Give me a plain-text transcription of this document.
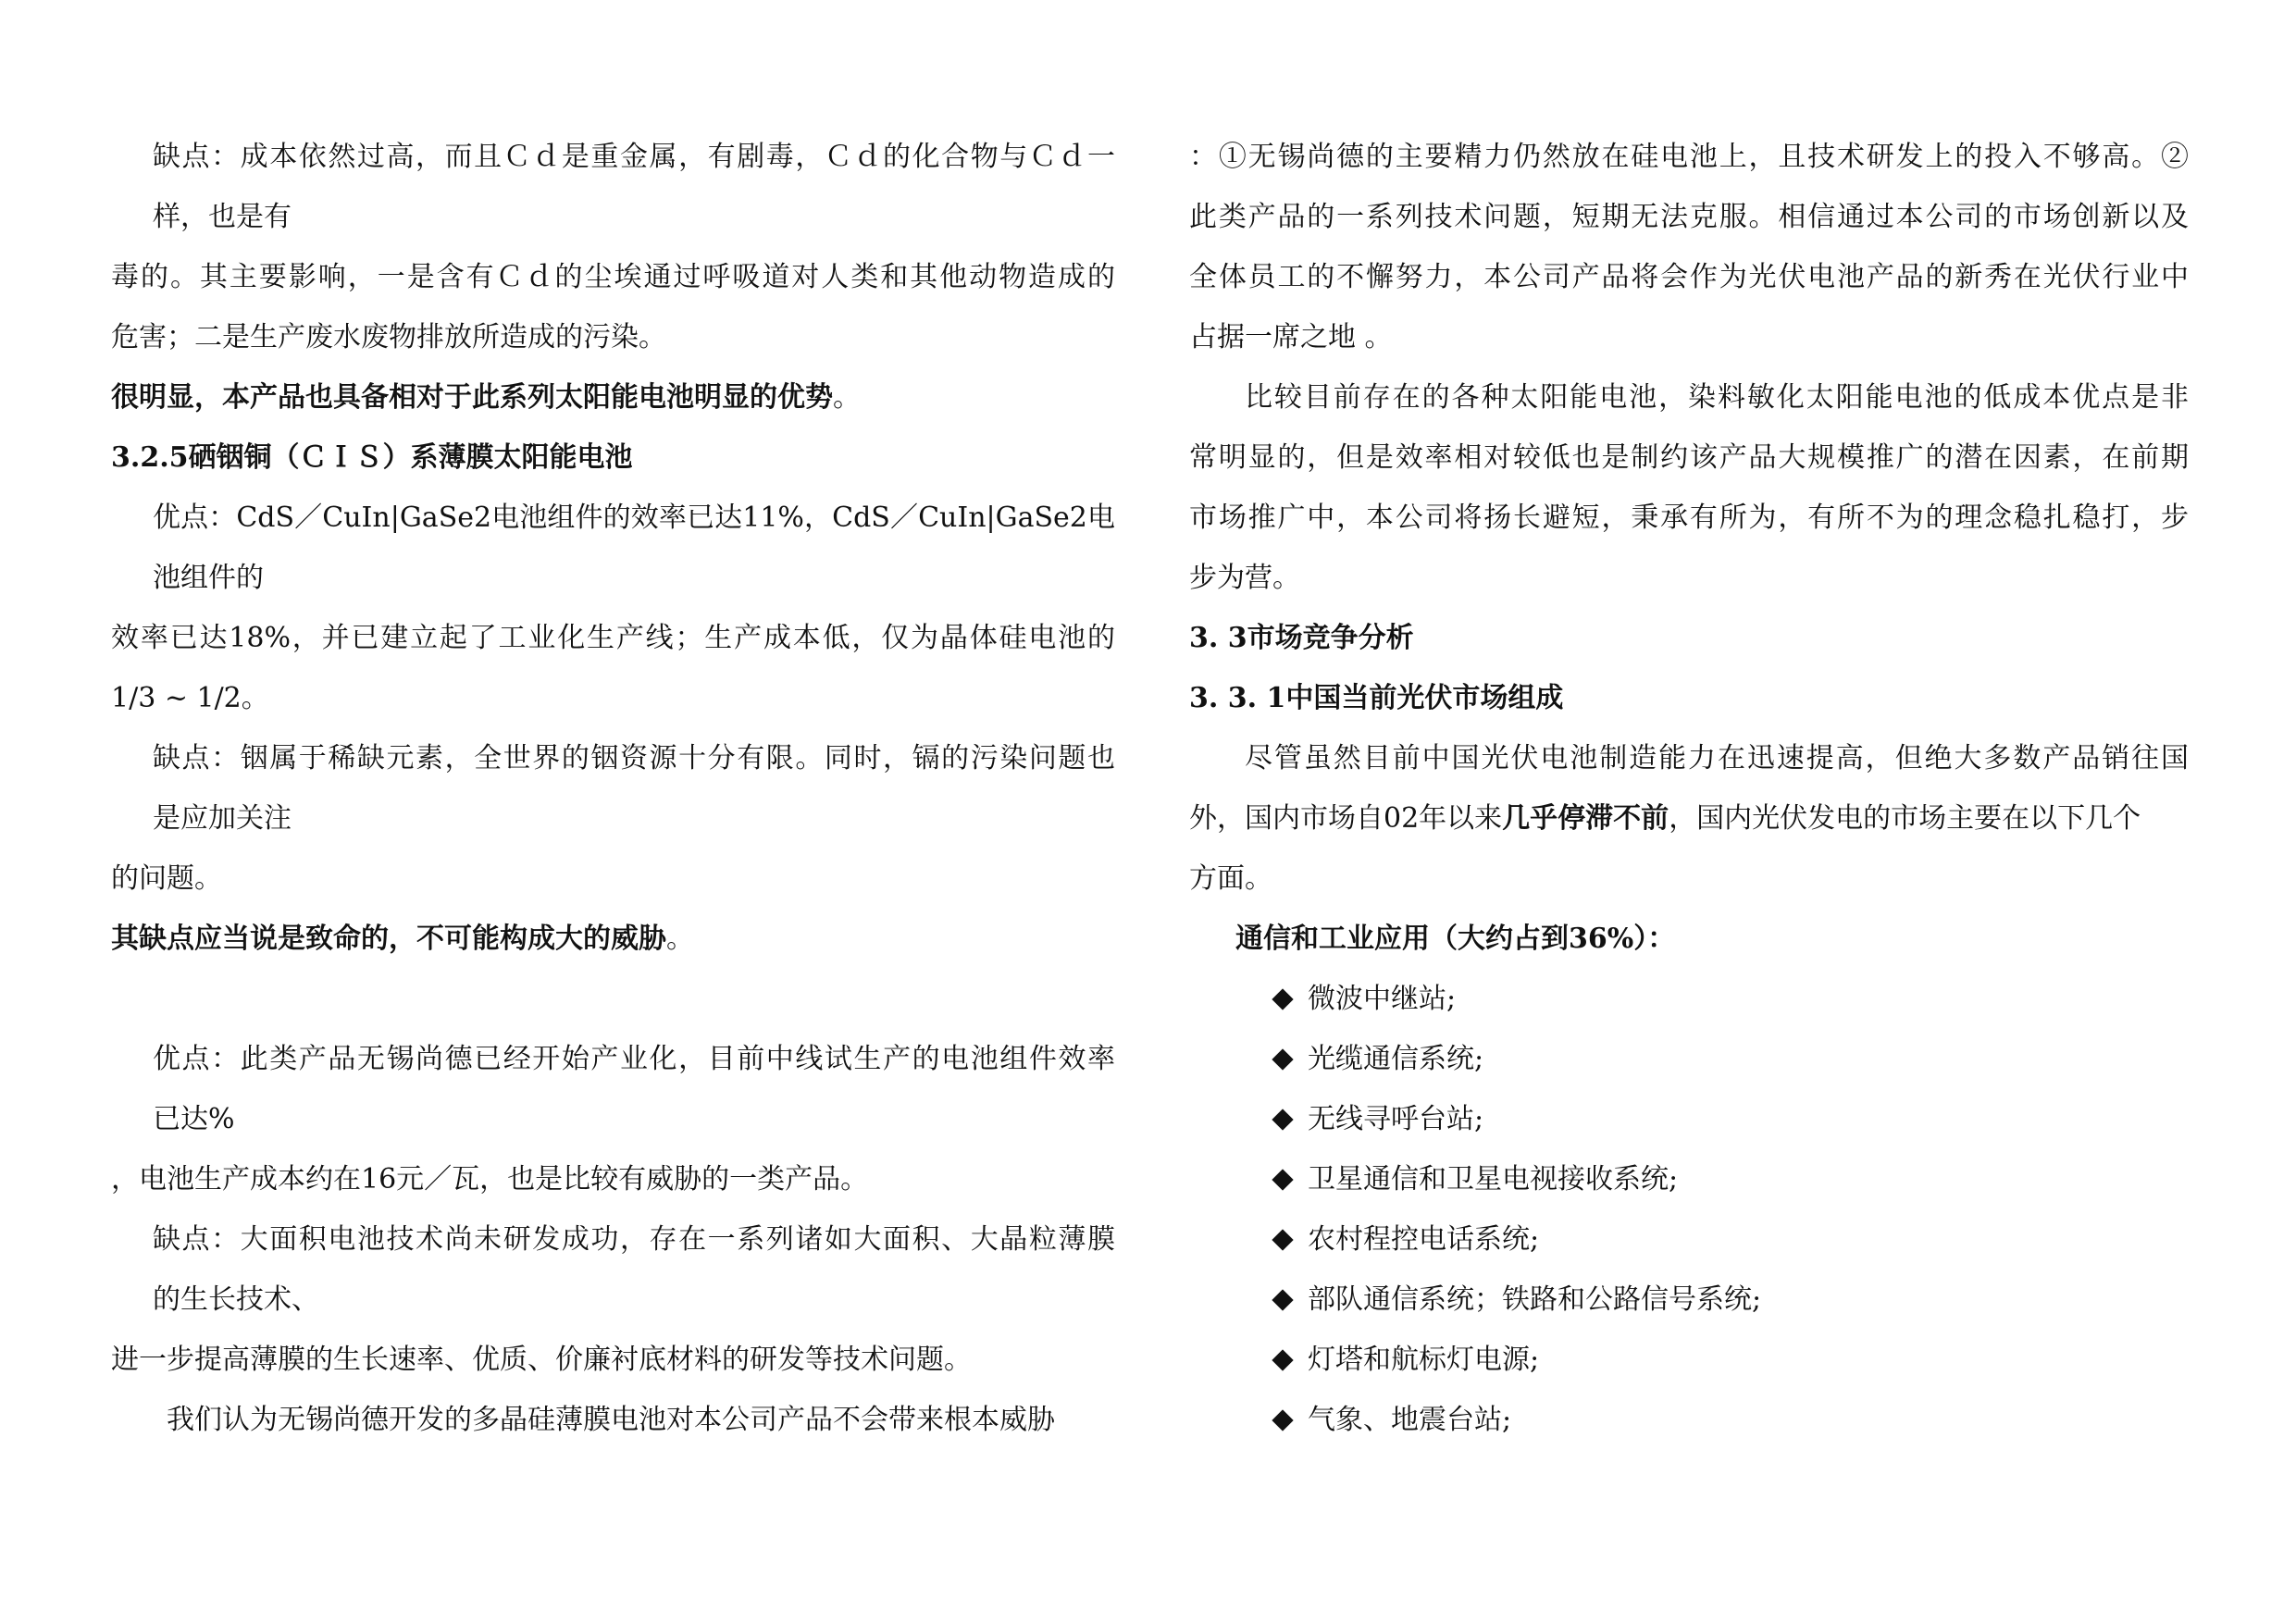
缺点：成本依然过高，而且Ｃｄ是重金属，有剧毒，Ｃｄ的化合物与Ｃｄ一
样，也是有
毒的。其主要影响，一是含有Ｃｄ的尘埃通过呼吸道对人类和其他动物造成的
危害；二是生产废水废物排放所造成的污染。
很明显，本产品也具备相对于此系列太阳能电池明显的优势。
3.2.5硒铟铜（ＣＩＳ）系薄膜太阳能电池
优点：CdS／CuIn|GaSe2电池组件的效率已达11%，CdS／CuIn|GaSe2电
池组件的
效率已达18%，并已建立起了工业化生产线；生产成本低，仅为晶体硅电池的
1/3 ~ 1/2。
缺点：铟属于稀缺元素，全世界的铟资源十分有限。同时，镉的污染问题也
是应加关注
的问题。
其缺点应当说是致命的，不可能构成大的威胁。
优点：此类产品无锡尚德已经开始产业化，目前中线试生产的电池组件效率
已达%
，电池生产成本约在16元／瓦，也是比较有威胁的一类产品。
缺点：大面积电池技术尚未研发成功，存在一系列诸如大面积、大晶粒薄膜
的生长技术、
进一步提高薄膜的生长速率、优质、价廉衬底材料的研发等技术问题。
我们认为无锡尚德开发的多晶硅薄膜电池对本公司产品不会带来根本威胁
：①无锡尚德的主要精力仍然放在硅电池上，且技术研发上的投入不够高。②
此类产品的一系列技术问题，短期无法克服。相信通过本公司的市场创新以及
全体员工的不懈努力，本公司产品将会作为光伏电池产品的新秀在光伏行业中
占据一席之地 。
比较目前存在的各种太阳能电池，染料敏化太阳能电池的低成本优点是非
常明显的，但是效率相对较低也是制约该产品大规模推广的潜在因素，在前期
市场推广中，本公司将扬长避短，秉承有所为，有所不为的理念稳扎稳打，步
步为营。
3. 3市场竞争分析
3. 3. 1中国当前光伏市场组成
尽管虽然目前中国光伏电池制造能力在迅速提高，但绝大多数产品销往国
外，国内市场自02年以来几乎停滞不前，国内光伏发电的市场主要在以下几个
方面。
通信和工业应用（大约占到36%）：
微波中继站;
光缆通信系统;
无线寻呼台站;
卫星通信和卫星电视接收系统;
农村程控电话系统;
部队通信系统；铁路和公路信号系统;
灯塔和航标灯电源;
气象、地震台站;
